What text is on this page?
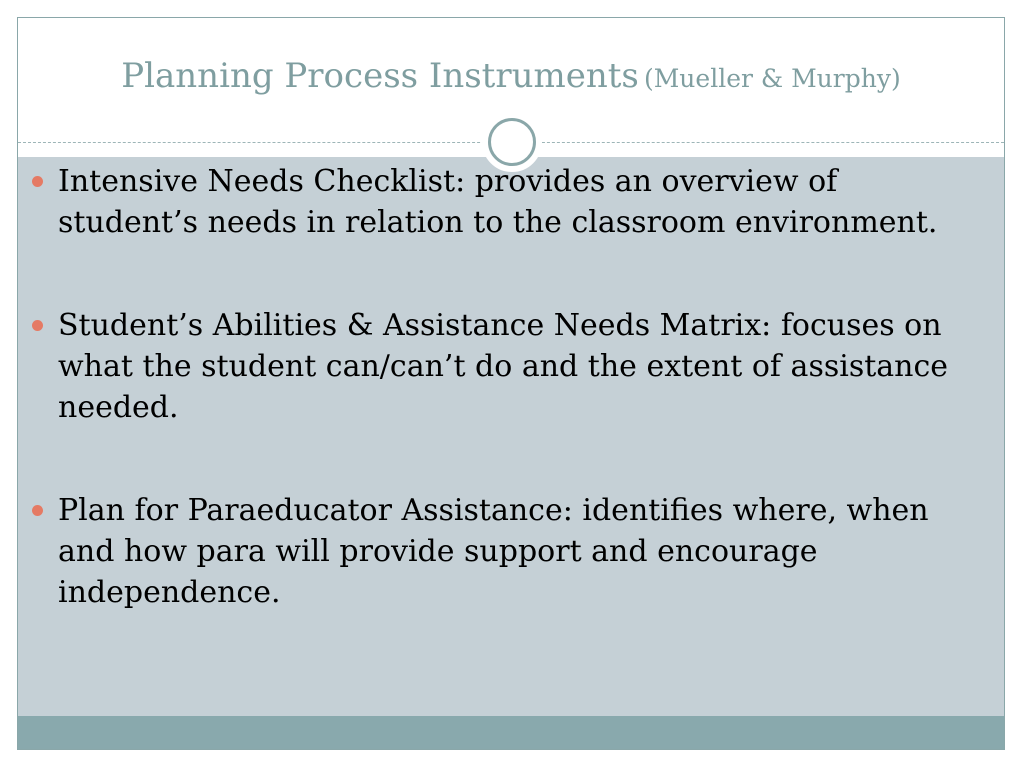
Planning Process Instruments (Mueller & Murphy)
Intensive Needs Checklist: provides an overview of student’s needs in relation to the classroom environment.
Student’s Abilities & Assistance Needs Matrix: focuses on what the student can/can’t do and the extent of assistance needed.
Plan for Paraeducator Assistance: identifies where, when and how para will provide support and encourage independence.
